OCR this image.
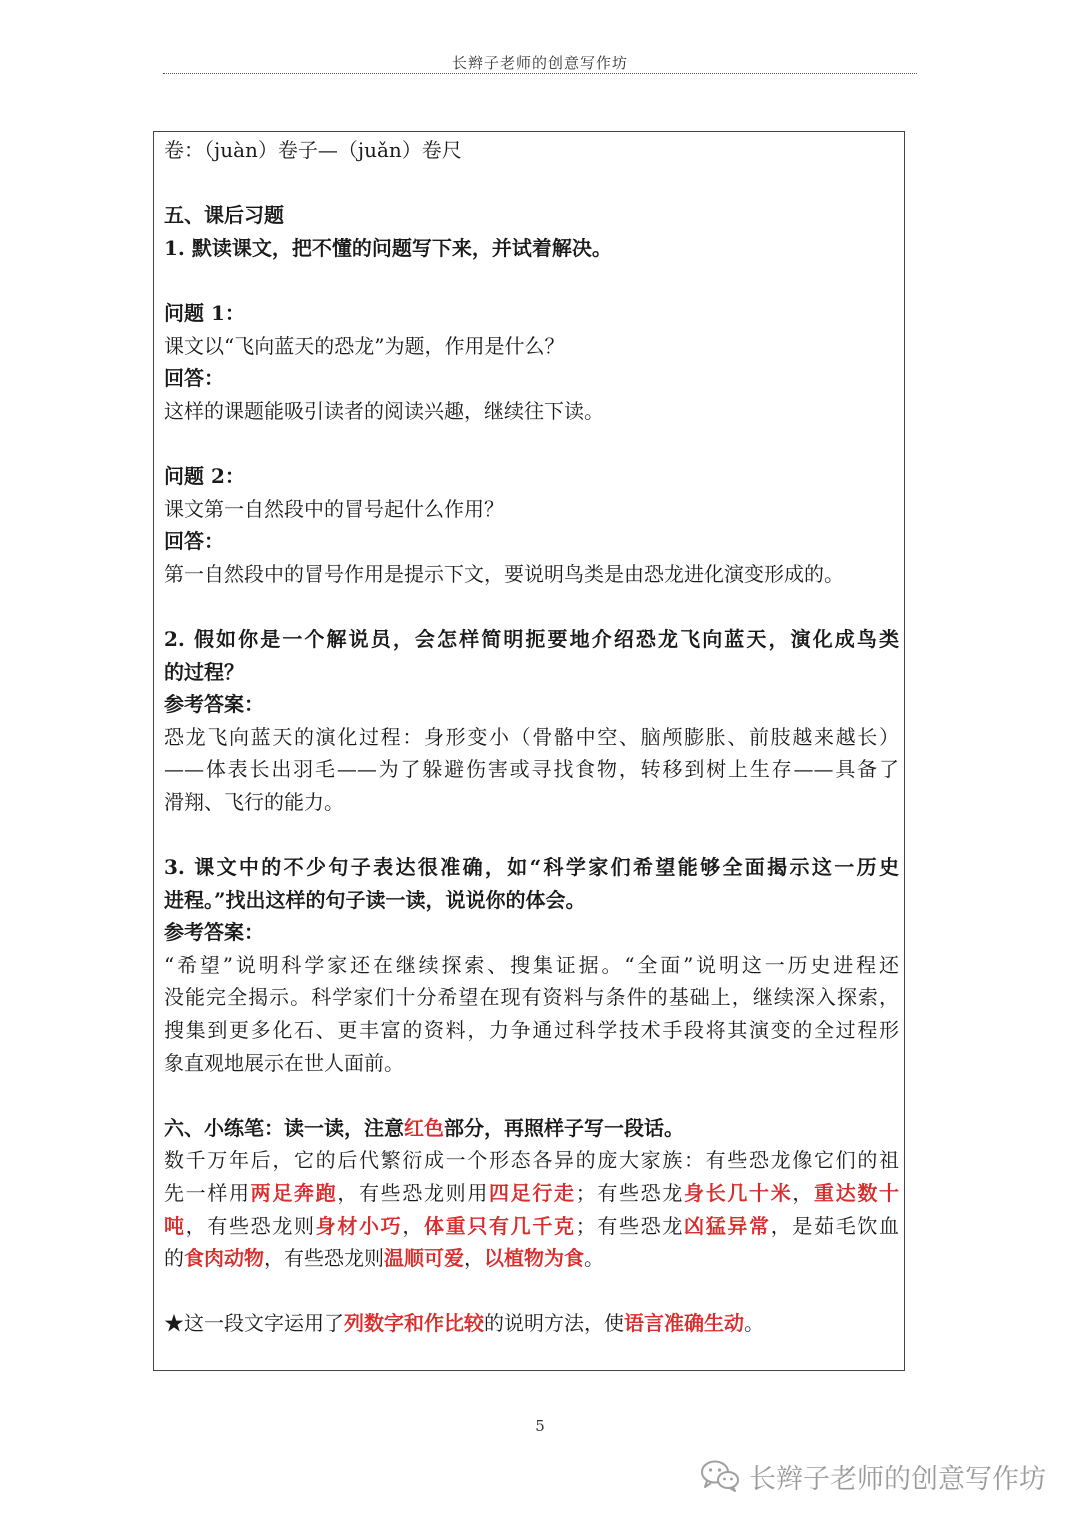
长辫子老师的创意写作坊

卷：（juàn）卷子—（juǎn）卷尺

五、课后习题

1. 默读课文，把不懂的问题写下来，并试着解决。

问题 1：

课文以“飞向蓝天的恐龙”为题，作用是什么？

回答：

这样的课题能吸引读者的阅读兴趣，继续往下读。

问题 2：

课文第一自然段中的冒号起什么作用？

回答：

第一自然段中的冒号作用是提示下文，要说明鸟类是由恐龙进化演变形成的。

2. 假如你是一个解说员，会怎样简明扼要地介绍恐龙飞向蓝天，演化成鸟类

的过程？

参考答案：

恐龙飞向蓝天的演化过程：身形变小（骨骼中空、脑颅膨胀、前肢越来越长）

——体表长出羽毛——为了躲避伤害或寻找食物，转移到树上生存——具备了

滑翔、飞行的能力。

3. 课文中的不少句子表达很准确，如“科学家们希望能够全面揭示这一历史

进程。”找出这样的句子读一读，说说你的体会。

参考答案：

“希望”说明科学家还在继续探索、搜集证据。“全面”说明这一历史进程还

没能完全揭示。科学家们十分希望在现有资料与条件的基础上，继续深入探索，

搜集到更多化石、更丰富的资料，力争通过科学技术手段将其演变的全过程形

象直观地展示在世人面前。

六、小练笔：读一读，注意红色部分，再照样子写一段话。

数千万年后，它的后代繁衍成一个形态各异的庞大家族：有些恐龙像它们的祖

先一样用两足奔跑，有些恐龙则用四足行走；有些恐龙身长几十米，重达数十

吨，有些恐龙则身材小巧，体重只有几千克；有些恐龙凶猛异常，是茹毛饮血

的食肉动物，有些恐龙则温顺可爱，以植物为食。

★这一段文字运用了列数字和作比较的说明方法，使语言准确生动。

5
长辫子老师的创意写作坊
